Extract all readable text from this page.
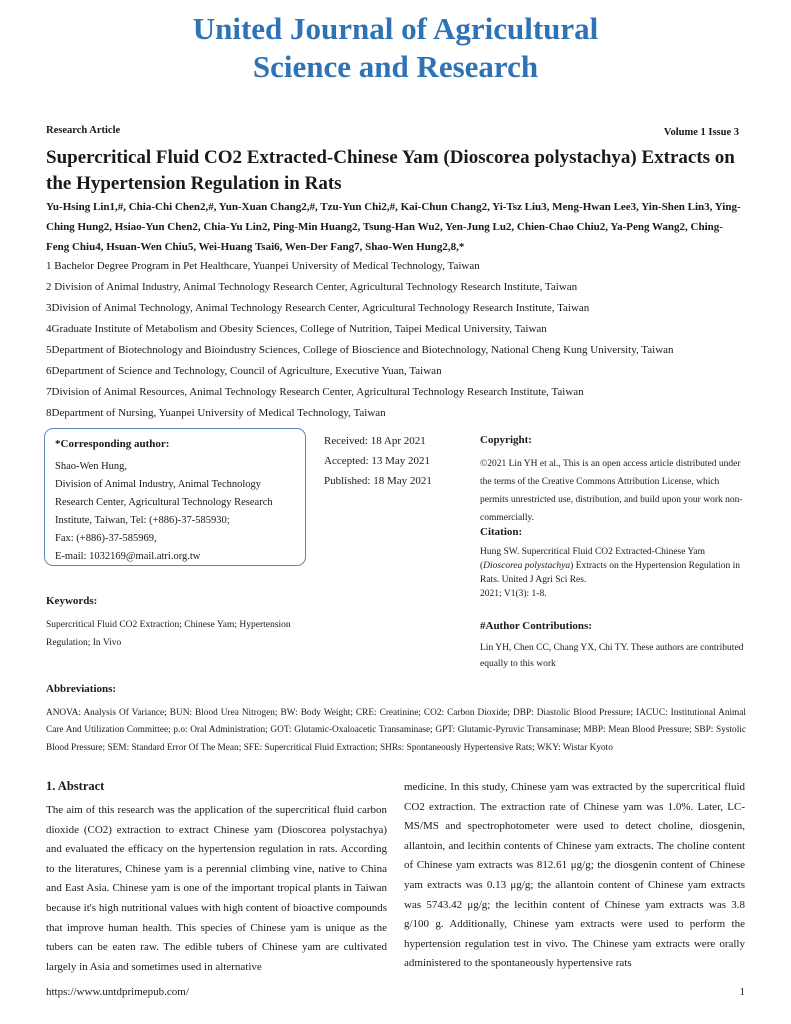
United Journal of Agricultural
Science and Research
Research Article	Volume 1 Issue 3
Supercritical Fluid CO2 Extracted-Chinese Yam (Dioscorea polystachya) Extracts on the Hypertension Regulation in Rats
Yu-Hsing Lin1,#, Chia-Chi Chen2,#, Yun-Xuan Chang2,#, Tzu-Yun Chi2,#, Kai-Chun Chang2, Yi-Tsz Liu3, Meng-Hwan Lee3, Yin-Shen Lin3, Ying-Ching Hung2, Hsiao-Yun Chen2, Chia-Yu Lin2, Ping-Min Huang2, Tsung-Han Wu2, Yen-Jung Lu2, Chien-Chao Chiu2, Ya-Peng Wang2, Ching-Feng Chiu4, Hsuan-Wen Chiu5, Wei-Huang Tsai6, Wen-Der Fang7, Shao-Wen Hung2,8,*
1 Bachelor Degree Program in Pet Healthcare, Yuanpei University of Medical Technology, Taiwan
2 Division of Animal Industry, Animal Technology Research Center, Agricultural Technology Research Institute, Taiwan
3Division of Animal Technology, Animal Technology Research Center, Agricultural Technology Research Institute, Taiwan
4Graduate Institute of Metabolism and Obesity Sciences, College of Nutrition, Taipei Medical University, Taiwan
5Department of Biotechnology and Bioindustry Sciences, College of Bioscience and Biotechnology, National Cheng Kung University, Taiwan
6Department of Science and Technology, Council of Agriculture, Executive Yuan, Taiwan
7Division of Animal Resources, Animal Technology Research Center, Agricultural Technology Research Institute, Taiwan
8Department of Nursing, Yuanpei University of Medical Technology, Taiwan
*Corresponding author:
Shao-Wen Hung,
Division of Animal Industry, Animal Technology Research Center, Agricultural Technology Research Institute, Taiwan, Tel: (+886)-37-585930;
Fax: (+886)-37-585969,
E-mail: 1032169@mail.atri.org.tw
Received: 18 Apr 2021
Accepted: 13 May 2021
Published: 18 May 2021
Copyright:
©2021 Lin YH et al., This is an open access article distributed under the terms of the Creative Commons Attribution License, which permits unrestricted use, distribution, and build upon your work non-commercially.
Citation:
Hung SW. Supercritical Fluid CO2 Extracted-Chinese Yam (Dioscorea polystachya) Extracts on the Hypertension Regulation in Rats. United J Agri Sci Res.
2021; V1(3): 1-8.
#Author Contributions:
Lin YH, Chen CC, Chang YX, Chi TY. These authors are contributed equally to this work
Keywords:
Supercritical Fluid CO2 Extraction; Chinese Yam; Hypertension Regulation; In Vivo
Abbreviations:
ANOVA: Analysis Of Variance; BUN: Blood Urea Nitrogen; BW: Body Weight; CRE: Creatinine; CO2: Carbon Dioxide; DBP: Diastolic Blood Pressure; IACUC: Institutional Animal Care And Utilization Committee; p.o: Oral Administration; GOT: Glutamic-Oxaloacetic Transaminase; GPT: Glutamic-Pyruvic Transaminase; MBP: Mean Blood Pressure; SBP: Systolic Blood Pressure; SEM: Standard Error Of The Mean; SFE: Supercritical Fluid Extraction; SHRs: Spontaneously Hypertensive Rats; WKY: Wistar Kyoto
1. Abstract
The aim of this research was the application of the supercritical fluid carbon dioxide (CO2) extraction to extract Chinese yam (Dioscorea polystachya) and evaluated the efficacy on the hypertension regulation in rats. According to the literatures, Chinese yam is a perennial climbing vine, native to China and East Asia. Chinese yam is one of the important tropical plants in Taiwan because it's high nutritional values with high content of bioactive compounds that improve human health. This species of Chinese yam is unique as the tubers can be eaten raw. The edible tubers of Chinese yam are cultivated largely in Asia and sometimes used in alternative
medicine. In this study, Chinese yam was extracted by the supercritical fluid CO2 extraction. The extraction rate of Chinese yam was 1.0%. Later, LC-MS/MS and spectrophotometer were used to detect choline, diosgenin, allantoin, and lecithin contents of Chinese yam extracts. The choline content of Chinese yam extracts was 812.61 μg/g; the diosgenin content of Chinese yam extracts was 0.13 μg/g; the allantoin content of Chinese yam extracts was 5743.42 μg/g; the lecithin content of Chinese yam extracts was 3.8 g/100 g. Additionally, Chinese yam extracts were used to perform the hypertension regulation test in vivo. The Chinese yam extracts were orally administered to the spontaneously hypertensive rats
https://www.untdprimepub.com/	1
